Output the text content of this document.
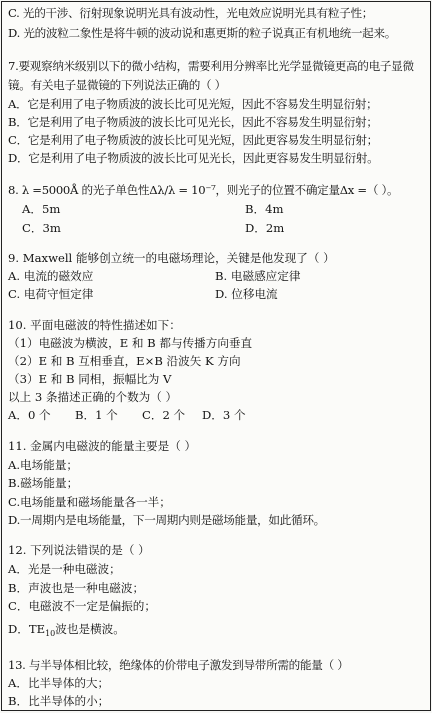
C. 光的干涉、衍射现象说明光具有波动性，光电效应说明光具有粒子性；
D. 光的波粒二象性是将牛顿的波动说和惠更斯的粒子说真正有机地统一起来。
7.要观察纳米级别以下的微小结构，需要利用分辨率比光学显微镜更高的电子显微
镜。有关电子显微镜的下列说法正确的（ ）
A．它是利用了电子物质波的波长比可见光短，因此不容易发生明显衍射；
B．它是利用了电子物质波的波长比可见光长，因此不容易发生明显衍射；
C．它是利用了电子物质波的波长比可见光短，因此更容易发生明显衍射；
D．它是利用了电子物质波的波长比可见光长，因此更容易发生明显衍射。
8. λ =5000Å 的光子单色性Δλ/λ = 10⁻⁷，则光子的位置不确定量Δx =（ ）。
A．5m	B．4m
C．3m	D．2m
9. Maxwell 能够创立统一的电磁场理论，关键是他发现了（ ）
A. 电流的磁效应	B. 电磁感应定律
C. 电荷守恒定律	D. 位移电流
10. 平面电磁波的特性描述如下：
（1）电磁波为横波，E 和 B 都与传播方向垂直
（2）E 和 B 互相垂直，E×B 沿波矢 K 方向
（3）E 和 B 同相，振幅比为 V
以上 3 条描述正确的个数为（ ）
A．0 个 B．1 个 C．2 个 D．3 个
11. 金属内电磁波的能量主要是（ ）
A.电场能量；
B.磁场能量；
C.电场能量和磁场能量各一半；
D.一周期内是电场能量，下一周期内则是磁场能量，如此循环。
12. 下列说法错误的是（ ）
A．光是一种电磁波；
B．声波也是一种电磁波；
C．电磁波不一定是偏振的；
D．$TE_{10}$波也是横波。
13. 与半导体相比较，绝缘体的价带电子激发到导带所需的能量（ ）
A．比半导体的大；
B．比半导体的小；
